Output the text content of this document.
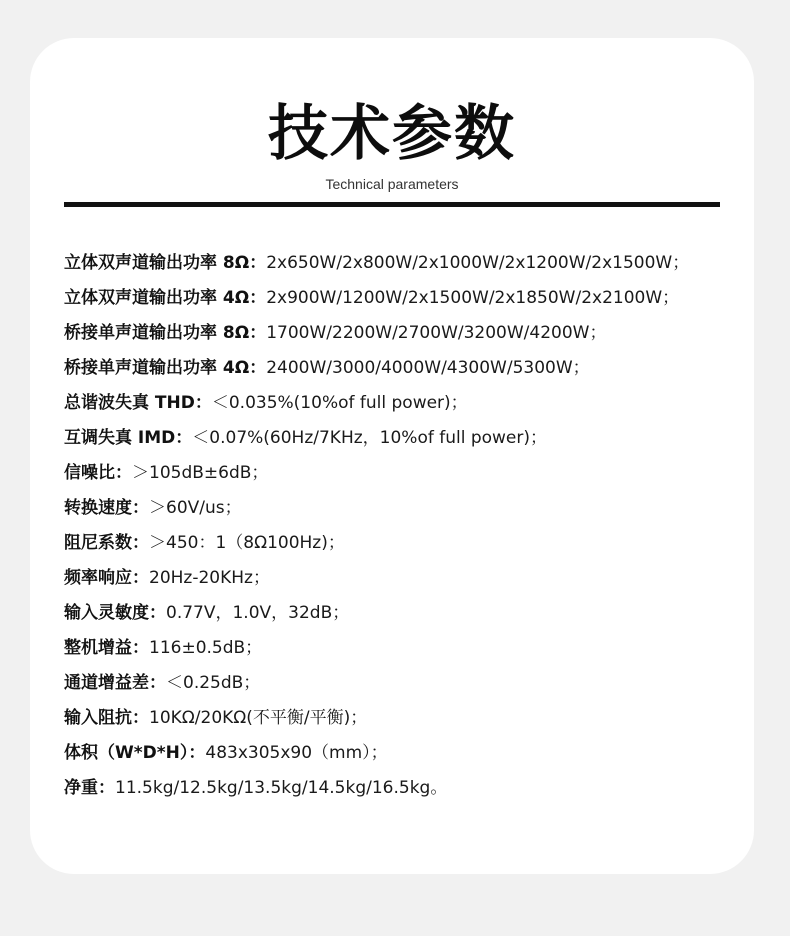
技术参数
Technical parameters
立体双声道输出功率 8Ω：2x650W/2x800W/2x1000W/2x1200W/2x1500W；
立体双声道输出功率 4Ω：2x900W/1200W/2x1500W/2x1850W/2x2100W；
桥接单声道输出功率 8Ω：1700W/2200W/2700W/3200W/4200W；
桥接单声道输出功率 4Ω：2400W/3000/4000W/4300W/5300W；
总谐波失真 THD：＜0.035%(10%of full power)；
互调失真 IMD：＜0.07%(60Hz/7KHz，10%of full power)；
信噪比：＞105dB±6dB；
转换速度：＞60V/us；
阻尼系数：＞450：1（8Ω100Hz)；
频率响应：20Hz-20KHz；
输入灵敏度：0.77V，1.0V，32dB；
整机增益：116±0.5dB；
通道增益差：＜0.25dB；
输入阻抗：10KΩ/20KΩ(不平衡/平衡)；
体积（W*D*H）：483x305x90（mm）；
净重：11.5kg/12.5kg/13.5kg/14.5kg/16.5kg。
